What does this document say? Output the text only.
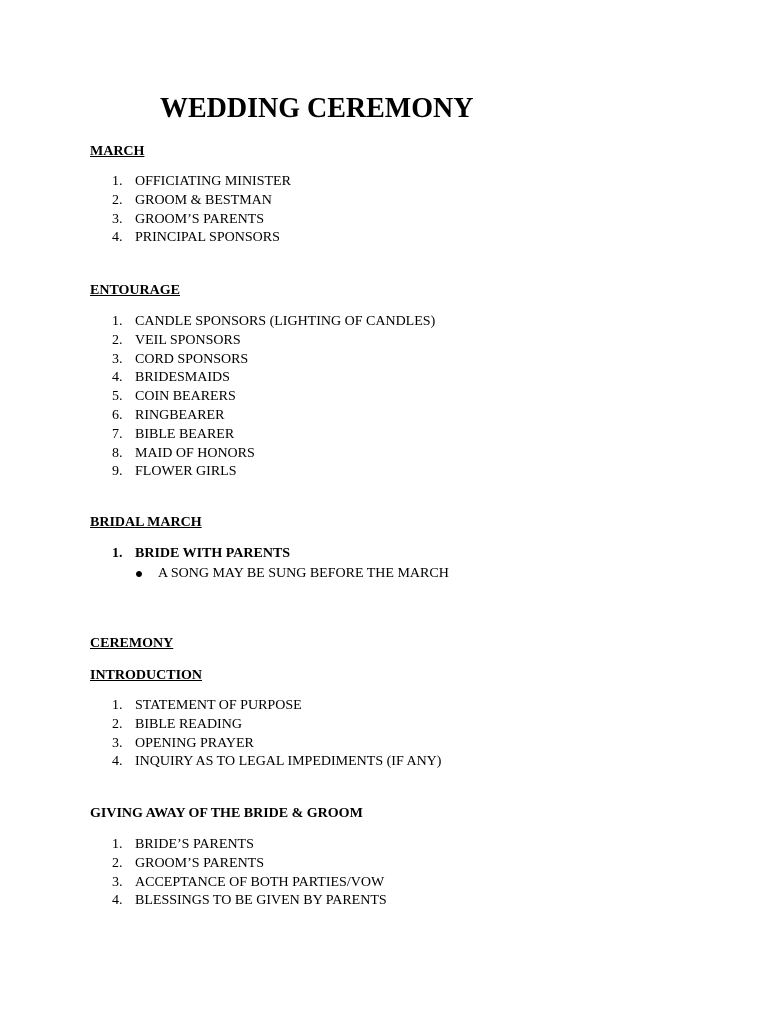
WEDDING CEREMONY
MARCH
1. OFFICIATING MINISTER
2. GROOM & BESTMAN
3. GROOM’S PARENTS
4. PRINCIPAL SPONSORS
ENTOURAGE
1. CANDLE SPONSORS (LIGHTING OF CANDLES)
2. VEIL SPONSORS
3. CORD SPONSORS
4. BRIDESMAIDS
5. COIN BEARERS
6. RINGBEARER
7. BIBLE BEARER
8. MAID OF HONORS
9. FLOWER GIRLS
BRIDAL MARCH
1. BRIDE WITH PARENTS
A SONG MAY BE SUNG BEFORE THE MARCH
CEREMONY
INTRODUCTION
1. STATEMENT OF PURPOSE
2. BIBLE READING
3. OPENING PRAYER
4. INQUIRY AS TO LEGAL IMPEDIMENTS (IF ANY)
GIVING AWAY OF THE BRIDE & GROOM
1. BRIDE’S PARENTS
2. GROOM’S PARENTS
3. ACCEPTANCE OF BOTH PARTIES/VOW
4. BLESSINGS TO BE GIVEN BY PARENTS
